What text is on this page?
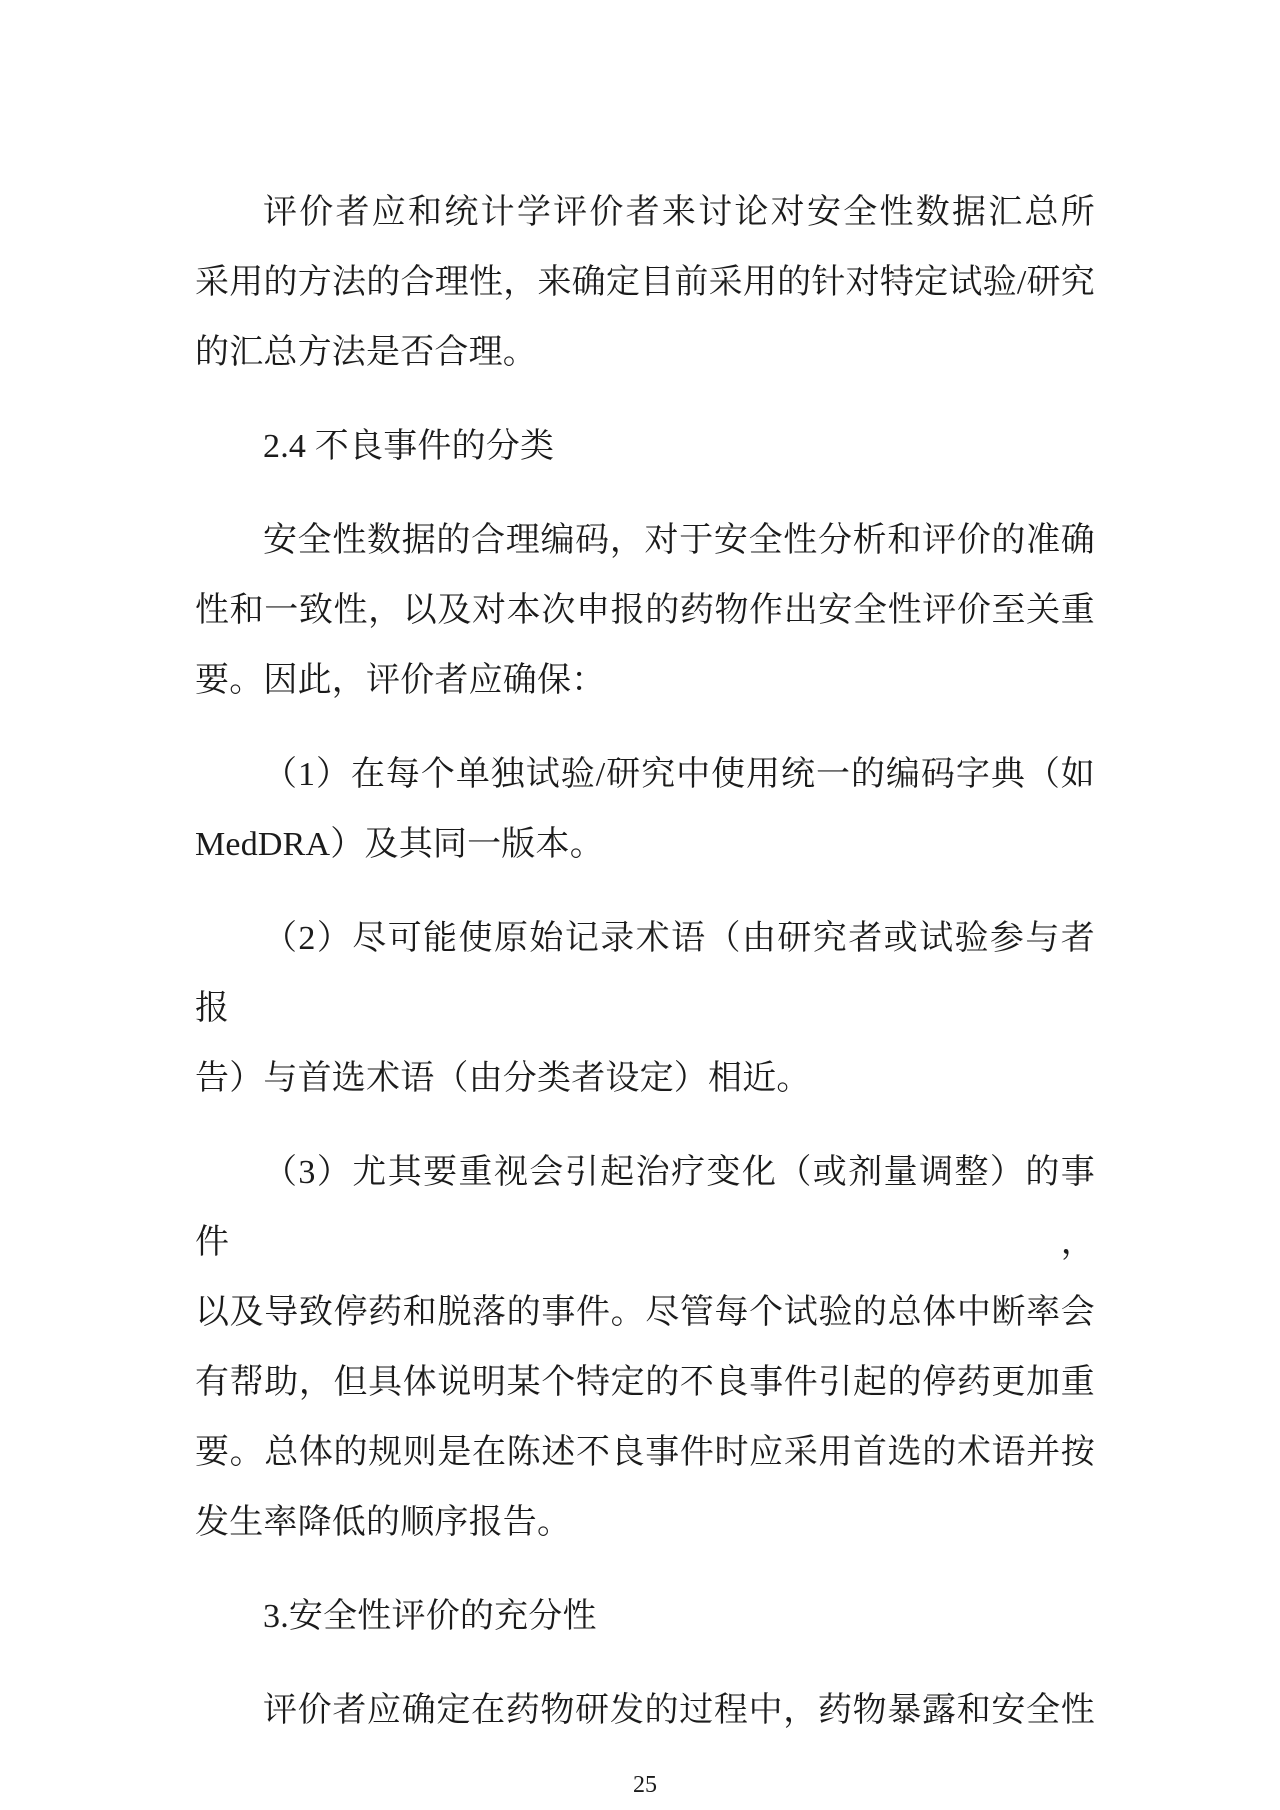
评价者应和统计学评价者来讨论对安全性数据汇总所
采用的方法的合理性，来确定目前采用的针对特定试验/研究
的汇总方法是否合理。
2.4 不良事件的分类
安全性数据的合理编码，对于安全性分析和评价的准确
性和一致性，以及对本次申报的药物作出安全性评价至关重
要。因此，评价者应确保：
（1）在每个单独试验/研究中使用统一的编码字典（如
MedDRA）及其同一版本。
（2）尽可能使原始记录术语（由研究者或试验参与者报
告）与首选术语（由分类者设定）相近。
（3）尤其要重视会引起治疗变化（或剂量调整）的事件，
以及导致停药和脱落的事件。尽管每个试验的总体中断率会
有帮助，但具体说明某个特定的不良事件引起的停药更加重
要。总体的规则是在陈述不良事件时应采用首选的术语并按
发生率降低的顺序报告。
3.安全性评价的充分性
评价者应确定在药物研发的过程中，药物暴露和安全性
25
